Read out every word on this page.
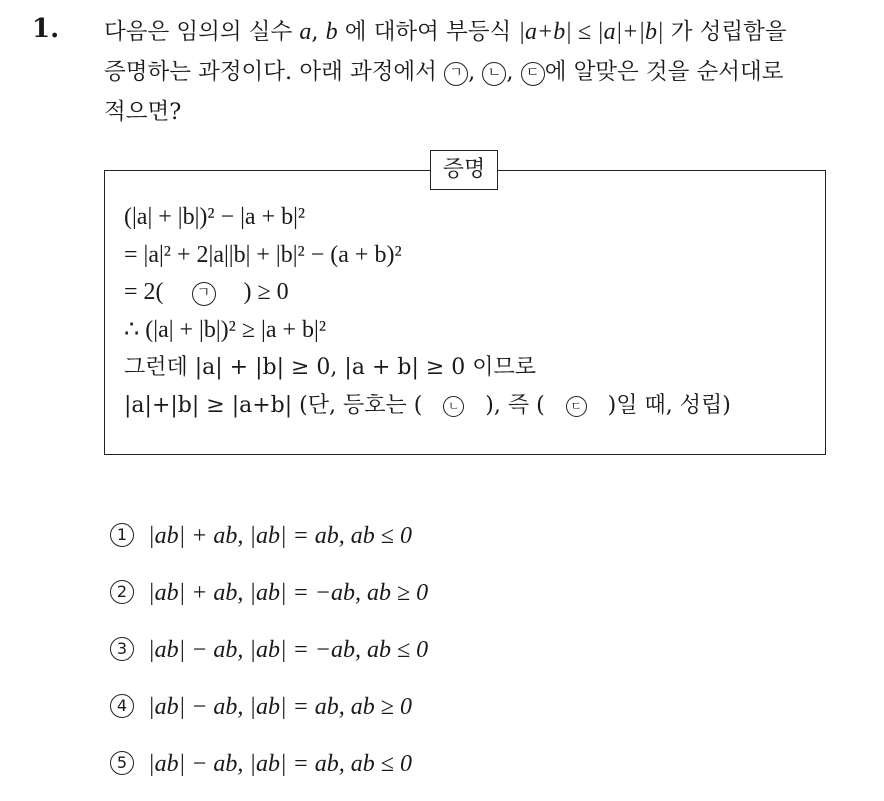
1. 다음은 임의의 실수 a, b 에 대하여 부등식 |a+b| ≤ |a|+|b| 가 성립함을
증명하는 과정이다. 아래 과정에서 ㄱ , ㄴ , ㄷ 에 알맞은 것을 순서대로
적으면?
증명
(|a| + |b|)² − |a + b|²
= |a|² + 2|a||b| + |b|² − (a + b)²
= 2( ㄱ ) ≥ 0
∴ (|a| + |b|)² ≥ |a + b|²
그런데 |a| + |b| ≥ 0, |a + b| ≥ 0 이므로
|a|+|b| ≥ |a+b| (단, 등호는 ( ㄴ ), 즉 ( ㄷ )일 때, 성립)
1 |ab| + ab, |ab| = ab, ab ≤ 0
2 |ab| + ab, |ab| = −ab, ab ≥ 0
3 |ab| − ab, |ab| = −ab, ab ≤ 0
4 |ab| − ab, |ab| = ab, ab ≥ 0
5 |ab| − ab, |ab| = ab, ab ≤ 0
